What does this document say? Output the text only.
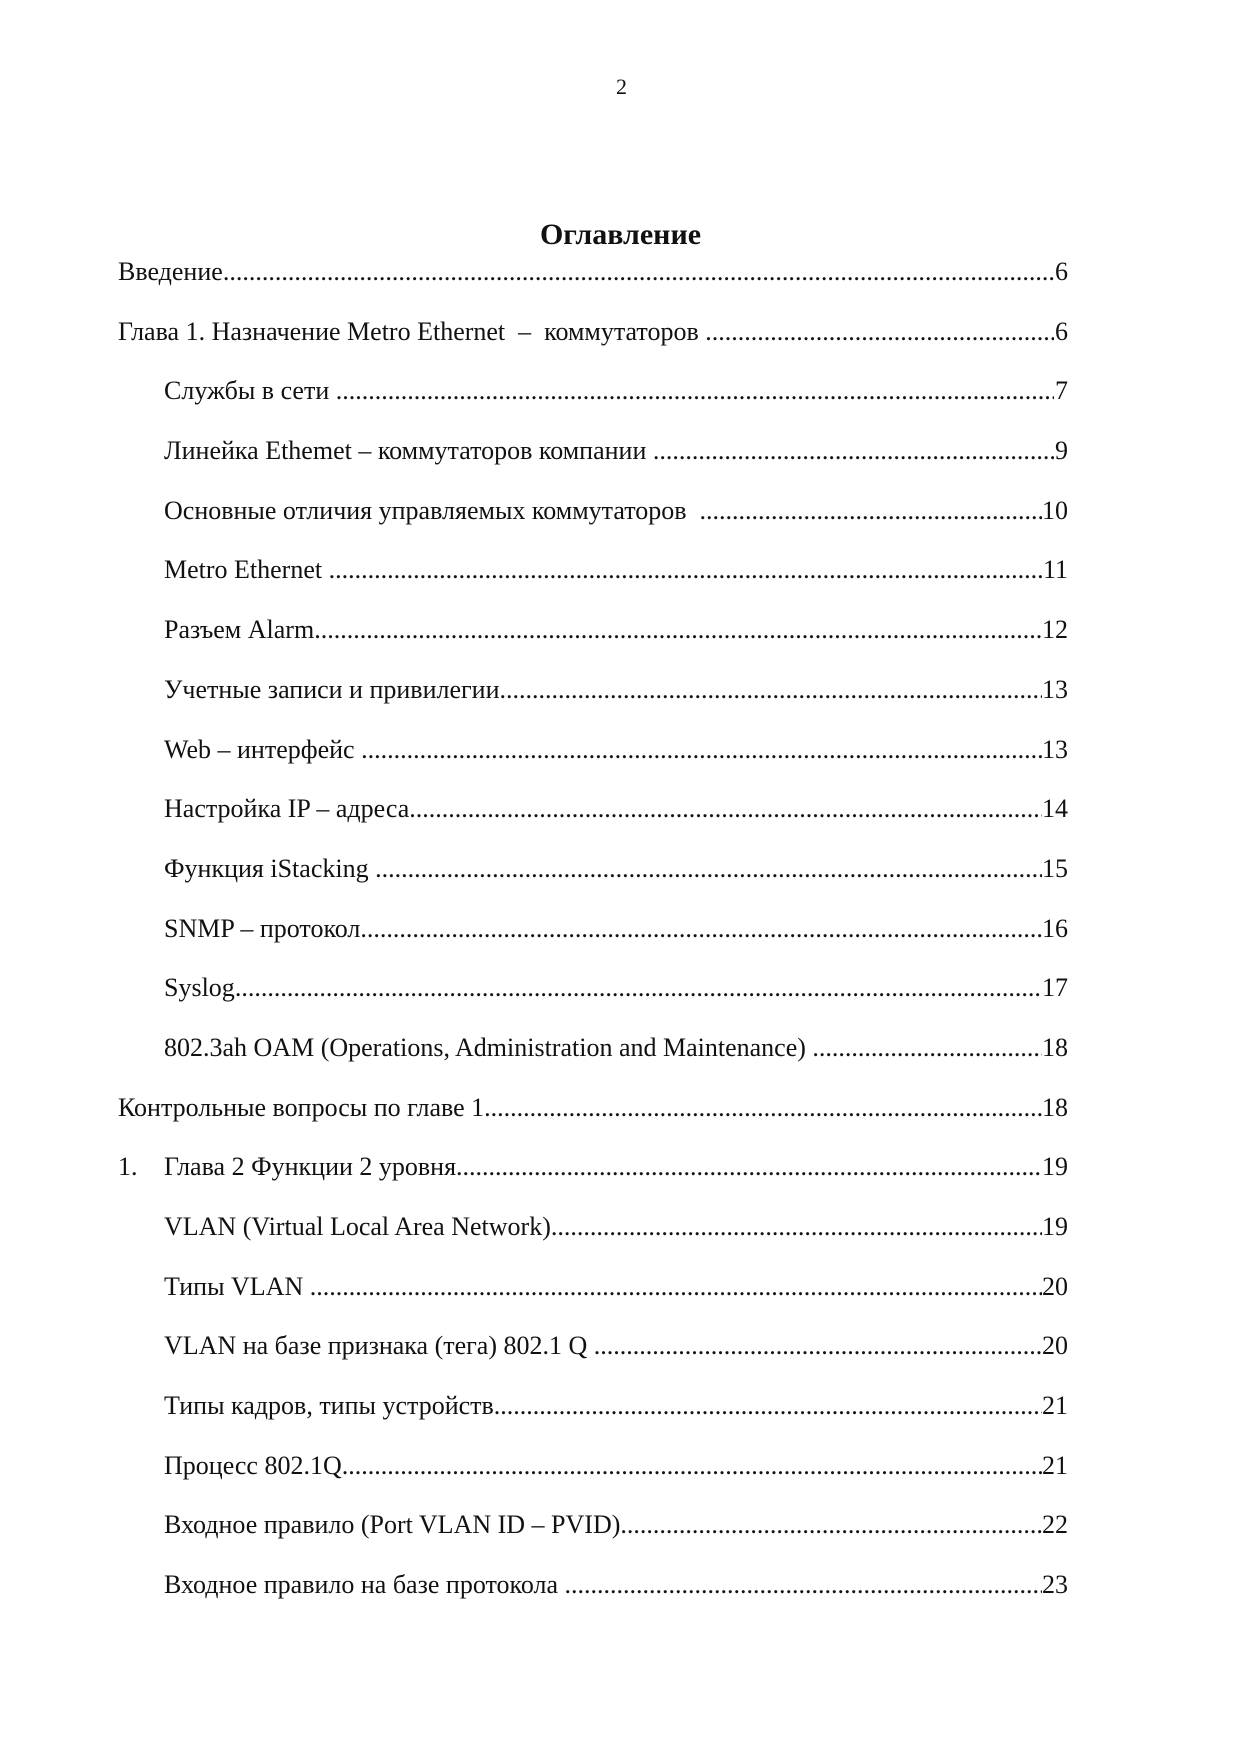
2
Оглавление
Введение .....	6
Глава 1. Назначение Metro Ethernet  –  коммутаторов .....	6
Службы в сети .....	7
Линейка Ethemet – коммутаторов компании .....	9
Основные отличия управляемых коммутаторов .....	10
Metro Ethernet .....	11
Разъем Alarm .....	12
Учетные записи и привилегии .....	13
Web – интерфейс .....	13
Настройка IP – адреса .....	14
Функция iStacking .....	15
SNMP – протокол .....	16
Syslog .....	17
802.3ah OAM (Operations, Administration and Maintenance) .....	18
Контрольные вопросы по главе 1 .....	18
1.	Глава 2 Функции 2 уровня .....	19
VLAN (Virtual Local Area Network) .....	19
Типы VLAN .....	20
VLAN на базе признака (тега) 802.1 Q .....	20
Типы кадров, типы устройств .....	21
Процесс 802.1Q .....	21
Входное правило (Port VLAN ID – PVID) .....	22
Входное правило на базе протокола .....	23
